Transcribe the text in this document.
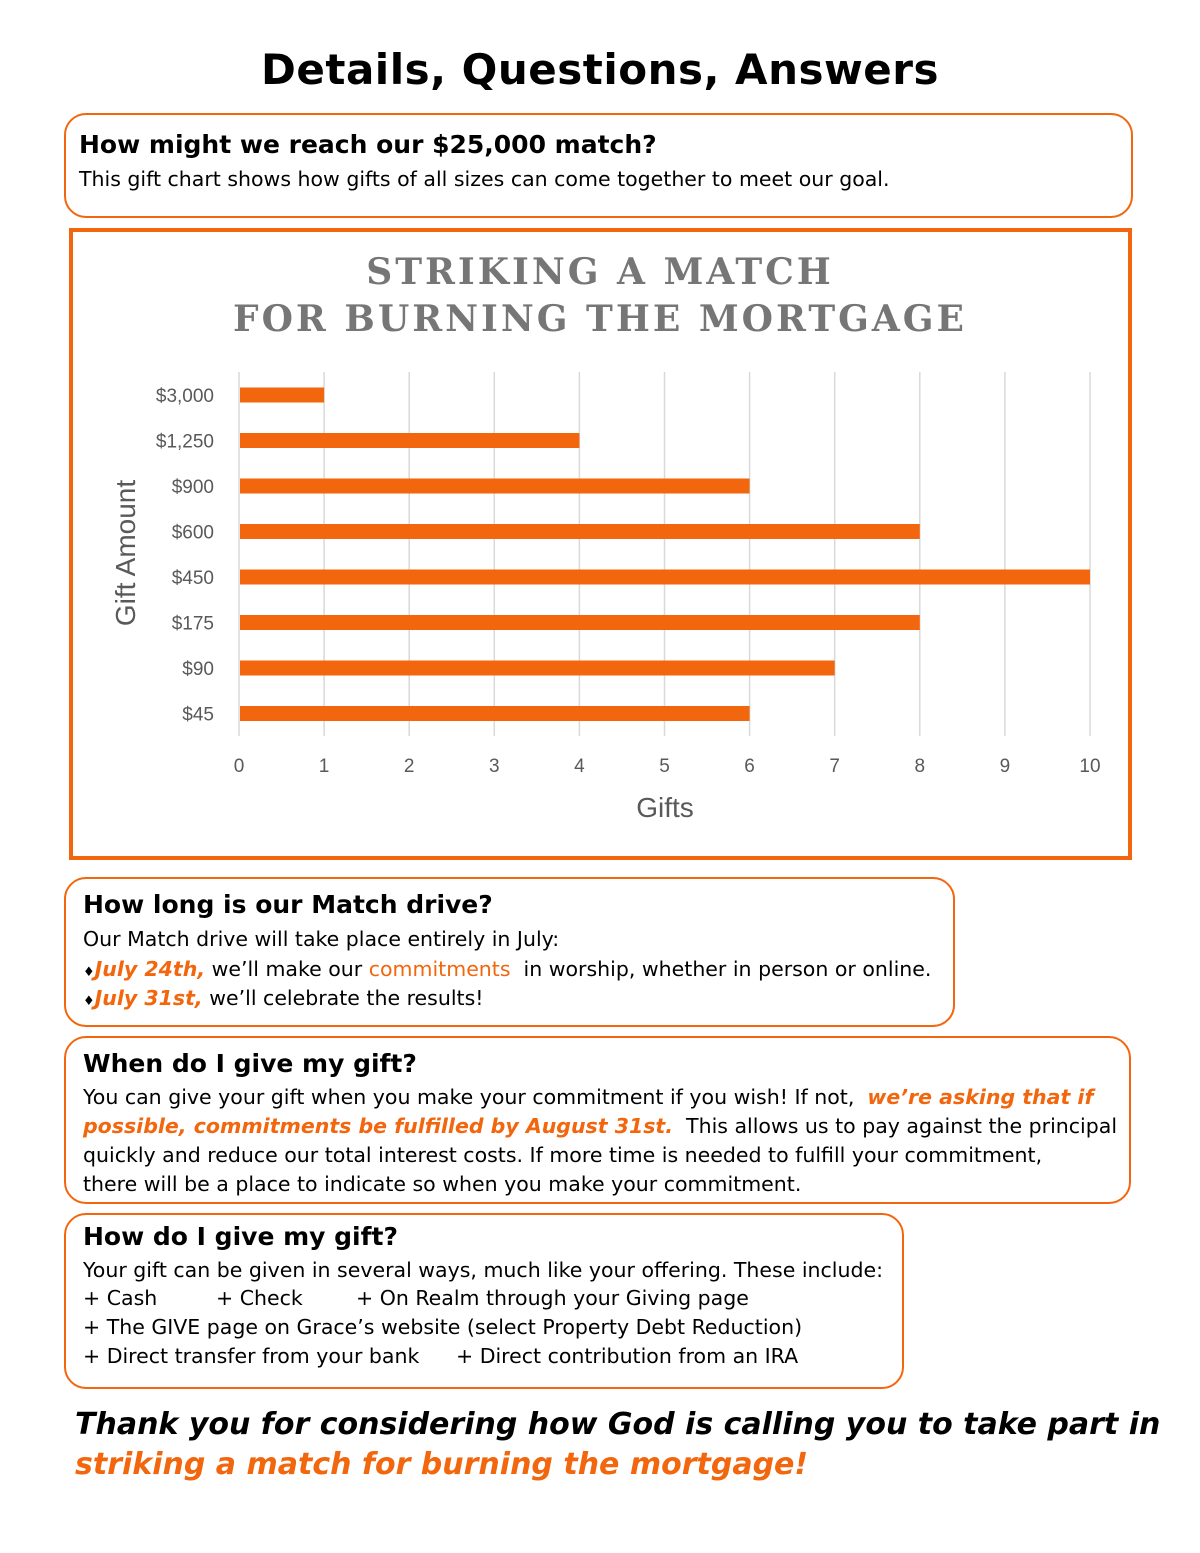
Details, Questions, Answers
How might we reach our $25,000 match?
This gift chart shows how gifts of all sizes can come together to meet our goal.
STRIKING A MATCH
FOR BURNING THE MORTGAGE
$3,000
$1,250
$900
$600
$450
$175
$90
$45
0	1	2	3	4	5	6	7	8	9	10
Gifts
Gift Amount
How long is our Match drive?
Our Match drive will take place entirely in July:
♦July 24th, we’ll make our commitments  in worship, whether in person or online.
♦July 31st, we’ll celebrate the results!
When do I give my gift?
You can give your gift when you make your commitment if you wish! If not,  we’re asking that if
possible, commitments be fulfilled by August 31st.  This allows us to pay against the principal
quickly and reduce our total interest costs. If more time is needed to fulfill your commitment,
there will be a place to indicate so when you make your commitment.
How do I give my gift?
Your gift can be given in several ways, much like your offering. These include:
+ Cash	+ Check	+ On Realm through your Giving page
+ The GIVE page on Grace’s website (select Property Debt Reduction)
+ Direct transfer from your bank + Direct contribution from an IRA
Thank you for considering how God is calling you to take part in
striking a match for burning the mortgage!
